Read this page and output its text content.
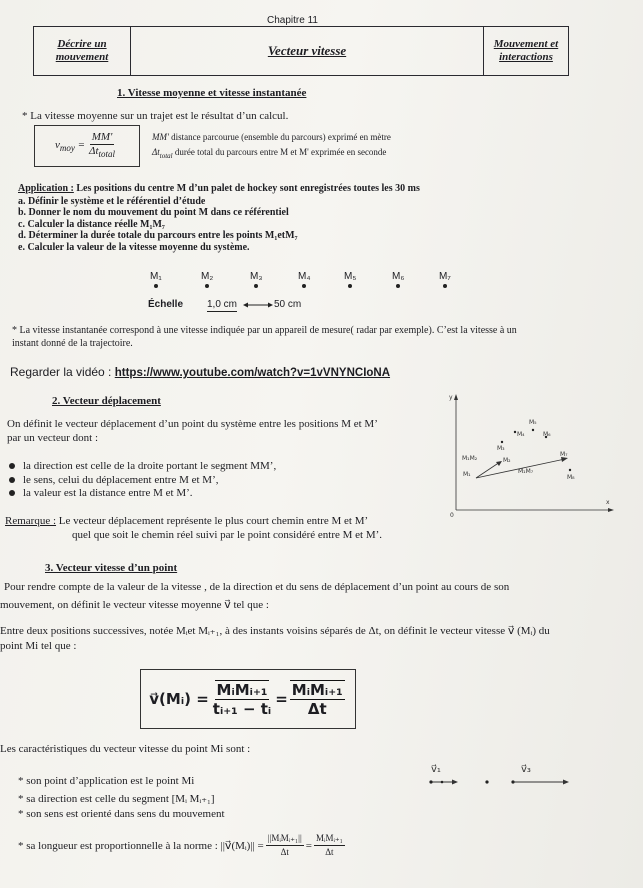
Chapitre 11
Décrire un mouvement	Vecteur vitesse	Mouvement et interactions
1. Vitesse moyenne et vitesse instantanée
* La vitesse moyenne sur un trajet est le résultat d’un calcul.
$v_{moy} = \frac{MM'}{\Delta t_{total}}$	MM' distance parcourue (ensemble du parcours) exprimé en mètre
$\Delta t_{total}$ durée total du parcours entre M et M' exprimée en seconde
Application : Les positions du centre M d’un palet de hockey sont enregistrées toutes les 30 ms
a. Définir le système et le référentiel d’étude
b. Donner le nom du mouvement du point M dans ce référentiel
c. Calculer la distance réelle M₁M₇
d. Déterminer la durée totale du parcours entre les points M₁etM₇
e. Calculer la valeur de la vitesse moyenne du système.
M₁	M₂	M₃	M₄	M₅	M₆	M₇
Échelle 1,0 cm	50 cm
* La vitesse instantanée correspond à une vitesse indiquée par un appareil de mesure( radar par exemple). C’est la vitesse à un
instant donné de la trajectoire.
Regarder la vidéo : https://www.youtube.com/watch?v=1vVNYNCIoNA
2. Vecteur déplacement
On définit le vecteur déplacement d’un point du système entre les positions M et M’
par un vecteur dont :
la direction est celle de la droite portant le segment MM’,
le sens, celui du déplacement entre M et M’,
la valeur est la distance entre M et M’.
Remarque : Le vecteur déplacement représente le plus court chemin entre M et M’
quel que soit le chemin réel suivi par le point considéré entre M et M’.
y
x
0
M₁
M₂
M₃
M₄
M₅
M₆
M₇
M₈
M₁M₂
M₁M₇
3. Vecteur vitesse d’un point
Pour rendre compte de la valeur de la vitesse , de la direction et du sens de déplacement d’un point au cours de son
mouvement, on définit le vecteur vitesse moyenne v⃗ tel que :
Entre deux positions successives, notée Mᵢet Mᵢ₊₁, à des instants voisins séparés de Δt, on définit le vecteur vitesse v⃗ (Mᵢ) du
point Mi tel que :
v⃗(Mᵢ) = $\frac{\text{MᵢMᵢ₊₁}}{\text{tᵢ₊₁ − tᵢ}} = \frac{\text{MᵢMᵢ₊₁}}{\Delta t}$
Les caractéristiques du vecteur vitesse du point Mi sont :
* son point d’application est le point Mi
* sa direction est celle du segment [Mᵢ Mᵢ₊₁]
* son sens est orienté dans sens du mouvement
* sa longueur est proportionnelle à la norme : ||v⃗(Mᵢ)|| = $\frac{\text{||MᵢMᵢ₊₁||}}{\Delta t} = \frac{\text{MᵢMᵢ₊₁}}{\Delta t}$
v⃗₁	v⃗₃
